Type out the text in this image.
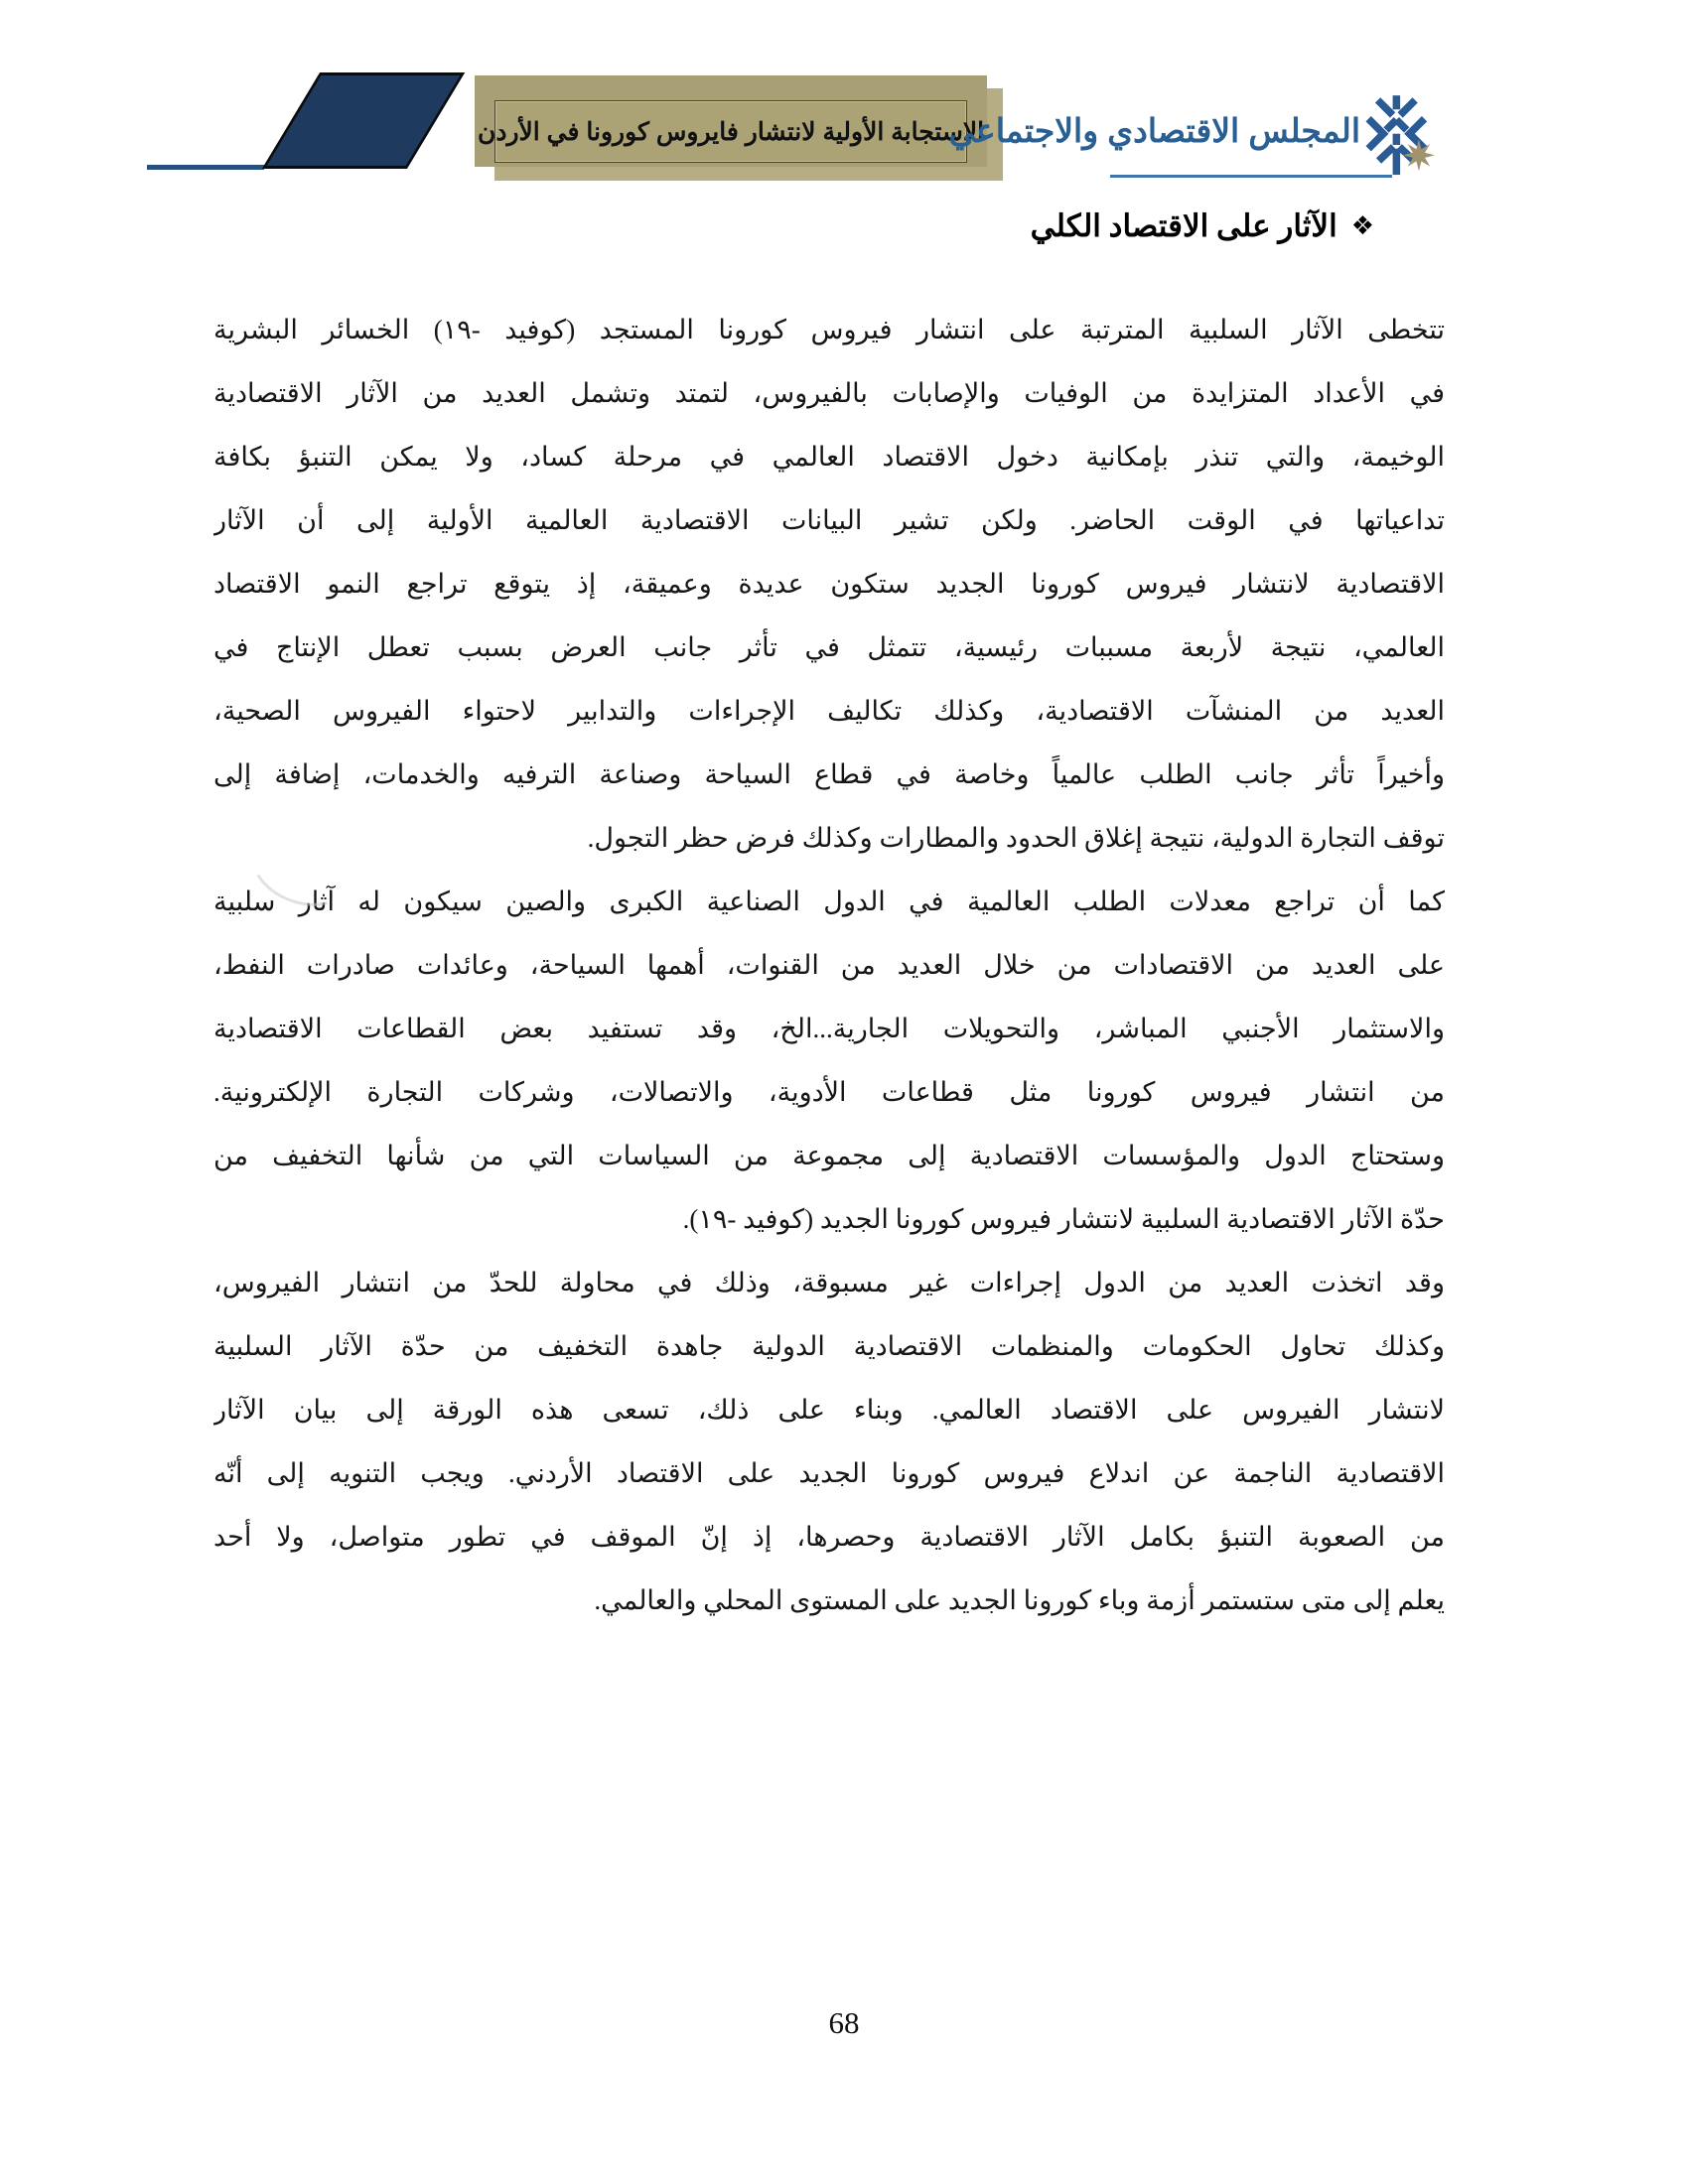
الاستجابة الأولية لانتشار فايروس كورونا في الأردن
المجلس الاقتصادي والاجتماعي
❖الآثار على الاقتصاد الكلي
تتخطى الآثار السلبية المترتبة على انتشار فيروس كورونا المستجد (كوفيد -١٩) الخسائر البشرية
في الأعداد المتزايدة من الوفيات والإصابات بالفيروس، لتمتد وتشمل العديد من الآثار الاقتصادية
الوخيمة، والتي تنذر بإمكانية دخول الاقتصاد العالمي في مرحلة كساد، ولا يمكن التنبؤ بكافة
تداعياتها في الوقت الحاضر. ولكن تشير البيانات الاقتصادية العالمية الأولية إلى أن الآثار
الاقتصادية لانتشار فيروس كورونا الجديد ستكون عديدة وعميقة، إذ يتوقع تراجع النمو الاقتصاد
العالمي، نتيجة لأربعة مسببات رئيسية، تتمثل في تأثر جانب العرض بسبب تعطل الإنتاج في
العديد من المنشآت الاقتصادية، وكذلك تكاليف الإجراءات والتدابير لاحتواء الفيروس الصحية،
وأخيراً تأثر جانب الطلب عالمياً وخاصة في قطاع السياحة وصناعة الترفيه والخدمات، إضافة إلى
توقف التجارة الدولية، نتيجة إغلاق الحدود والمطارات وكذلك فرض حظر التجول.
كما أن تراجع معدلات الطلب العالمية في الدول الصناعية الكبرى والصين سيكون له آثار سلبية
على العديد من الاقتصادات من خلال العديد من القنوات، أهمها السياحة، وعائدات صادرات النفط،
والاستثمار الأجنبي المباشر، والتحويلات الجارية...الخ، وقد تستفيد بعض القطاعات الاقتصادية
من انتشار فيروس كورونا مثل قطاعات الأدوية، والاتصالات، وشركات التجارة الإلكترونية.
وستحتاج الدول والمؤسسات الاقتصادية إلى مجموعة من السياسات التي من شأنها التخفيف من
حدّة الآثار الاقتصادية السلبية لانتشار فيروس كورونا الجديد (كوفيد -١٩).
وقد اتخذت العديد من الدول إجراءات غير مسبوقة، وذلك في محاولة للحدّ من انتشار الفيروس،
وكذلك تحاول الحكومات والمنظمات الاقتصادية الدولية جاهدة التخفيف من حدّة الآثار السلبية
لانتشار الفيروس على الاقتصاد العالمي. وبناء على ذلك، تسعى هذه الورقة إلى بيان الآثار
الاقتصادية الناجمة عن اندلاع فيروس كورونا الجديد على الاقتصاد الأردني. ويجب التنويه إلى أنّه
من الصعوبة التنبؤ بكامل الآثار الاقتصادية وحصرها، إذ إنّ الموقف في تطور متواصل، ولا أحد
يعلم إلى متى ستستمر أزمة وباء كورونا الجديد على المستوى المحلي والعالمي.
68
